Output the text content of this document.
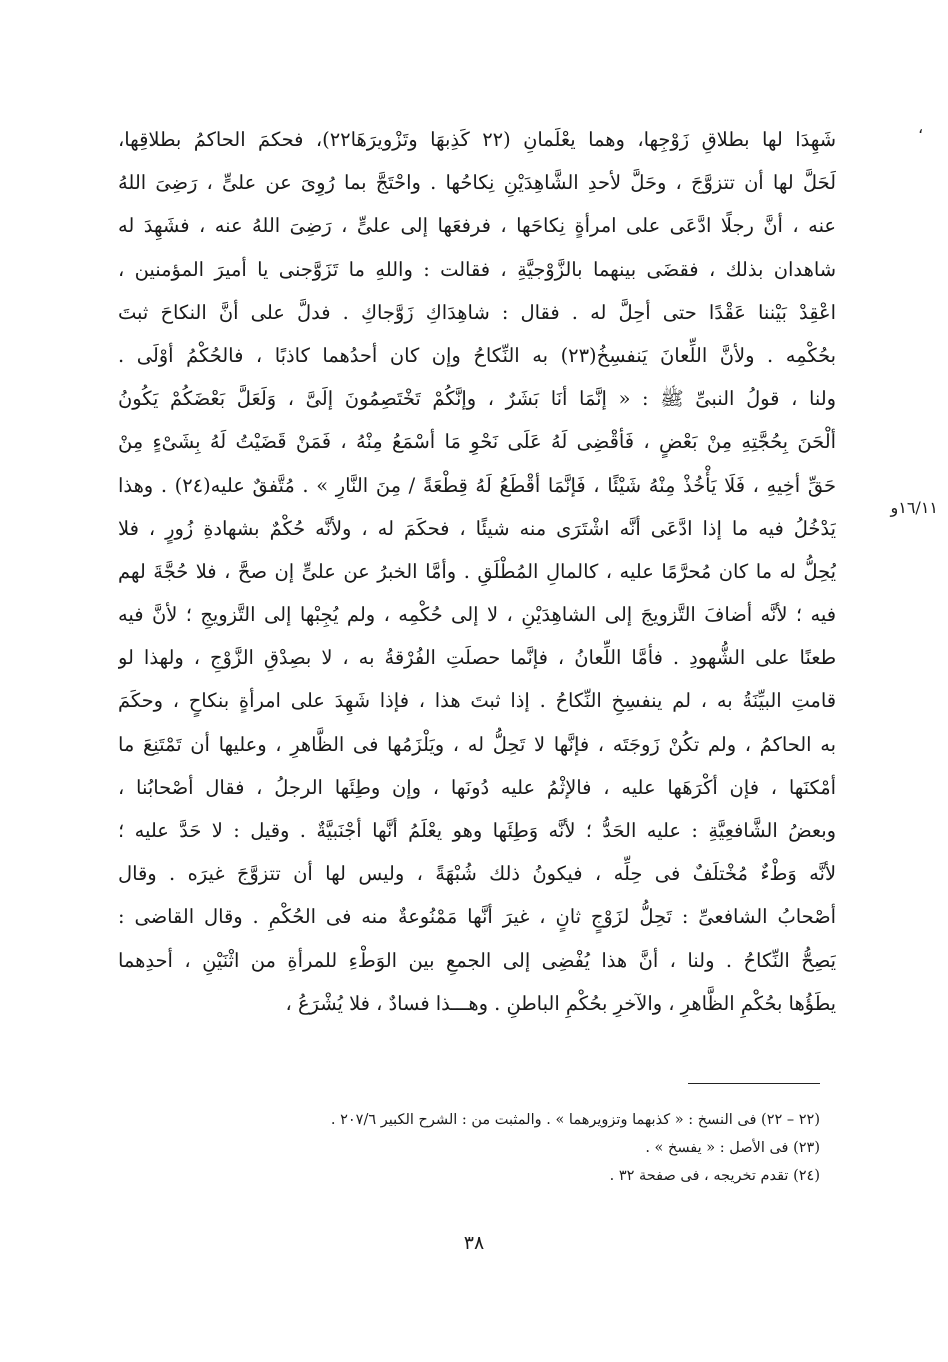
،
١٦/١١و
شَهِدَا لها بطلاقِ زَوْجِها، وهما يعْلَمانِ (٢٢ كَذِبهَا وتَزْويرَهَا٢٢)، فحكمَ الحاكمُ بطلاقِها،
لَحَلَّ لها أن تتزوَّجَ ، وحَلَّ لأحدِ الشَّاهِدَيْنِ نِكاحُها . واحْتَجَّ بما رُوِىَ عن علىٍّ ، رَضِىَ اللهُ
عنه ، أنَّ رجلًا ادَّعَى على امرأةٍ نِكاحَها ، فرفعَها إلى علىٍّ ، رَضِىَ اللهُ عنه ، فشَهِدَ له
شاهدان بذلك ، فقضَى بينهما بالزَّوْجيَّةِ ، فقالت : واللهِ ما تَزَوَّجنى يا أميرَ المؤمنين ،
اعْقِدْ بَيْننا عَقْدًا حتى أحِلَّ له . فقال : شاهِدَاكِ زَوَّجاكِ . فدلَّ على أنَّ النكاحَ ثبتَ
بحُكْمِه . ولأنَّ اللِّعانَ يَنفسِخُ(٢٣) به النِّكاحُ وإن كان أحدُهما كاذبًا ، فالحُكْمُ أوْلَى .
ولنا ، قولُ النبىِّ ﷺ : « إنَّمَا أنَا بَشَرٌ ، وإنَّكُمْ تَخْتَصِمُونَ إلَىَّ ، وَلَعَلَّ بَعْضَكُمْ يَكُونُ
ألْحَنَ بِحُجَّتِهِ مِنْ بَعْضٍ ، فَأقْضِى لَهُ عَلَى نَحْوِ مَا أسْمَعُ مِنْهُ ، فَمَنْ قَضَيْتُ لَهُ بِشَىْءٍ مِنْ
حَقِّ أخِيهِ ، فَلَا يَأْخُذْ مِنْهُ شَيْئًا ، فَإنَّمَا أقْطَعُ لَهُ قِطْعَةً / مِنَ النَّارِ » . مُتَّفقٌ عليه(٢٤) . وهذا
يَدْخُلُ فيه ما إذا ادَّعَى أنَّه اشْتَرَى منه شيئًا ، فحكَمَ له ، ولأنَّه حُكْمٌ بشهادةِ زُورٍ ، فلا
يُحِلُّ له ما كان مُحرَّمًا عليه ، كالمالِ المُطْلَقِ . وأمَّا الخبرُ عن علىٍّ إن صحَّ ، فلا حُجَّةَ لهم
فيه ؛ لأنَّه أضافَ التَّزويجَ إلى الشاهِدَيْنِ ، لا إلى حُكْمِه ، ولم يُجِبْها إلى التَّزويجِ ؛ لأنَّ فيه
طعنًا على الشُّهودِ . فأمَّا اللِّعانُ ، فإنَّما حصلَتِ الفُرْقةُ به ، لا بصِدْقِ الزَّوْجِ ، ولهذا لو
قامتِ البيِّنَةُ به ، لم ينفسِخِ النِّكاحُ . إذا ثبتَ هذا ، فإذا شَهِدَ على امرأةٍ بنكاحٍ ، وحكَمَ
به الحاكمُ ، ولم تكُنْ زَوجَتَه ، فإنَّها لا تَحِلُّ له ، ويَلْزَمُها فى الظَّاهرِ ، وعليها أن تَمْتَنِعَ ما
أمْكنَها ، فإن أكْرَهَها عليه ، فالإثْمُ عليه دُونَها ، وإن وطِئَها الرجلُ ، فقال أصْحابُنا ،
وبعضُ الشَّافعِيَّةِ : عليه الحَدُّ ؛ لأنَّه وَطِئَها وهو يعْلَمُ أنَّها أجْنَبيَّةٌ . وقيل : لا حَدَّ عليه ؛
لأنَّه وَطْءٌ مُخْتلَفٌ فى حِلِّه ، فيكونُ ذلك شُبْهَةً ، وليس لها أن تتزوَّجَ غيرَه . وقال
أصْحابُ الشافعىِّ : تَحِلُّ لزَوْجٍ ثانٍ ، غيرَ أنَّها مَمْنُوعةٌ منه فى الحُكْمِ . وقال القاضى :
يَصِحُّ النِّكاحُ . ولنا ، أنَّ هذا يُفْضِى إلى الجمعِ بين الوَطْءِ للمرأةِ من اثْنَيْنِ ، أحدِهما
يطَؤُها بحُكْمِ الظَّاهرِ ، والآخرِ بحُكْمِ الباطنِ . وهـــذا فسادٌ ، فلا يُشْرَعُ ،
(٢٢ – ٢٢) فى النسخ : « كذبهما وتزويرهما » . والمثبت من : الشرح الكبير ٢٠٧/٦ .
(٢٣) فى الأصل : « يفسخ » .
(٢٤) تقدم تخريجه ، فى صفحة ٣٢ .
٣٨
